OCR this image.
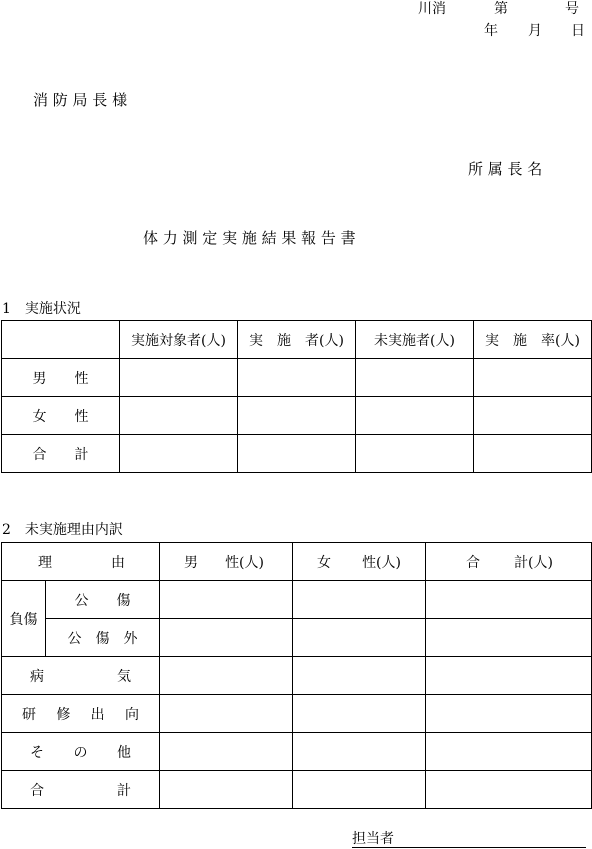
川消	第	号
年 月 日
消 防 局 長 様
所 属 長 名
体 力 測 定 実 施 結 果 報 告 書
1　実施状況
	実施対象者(人)	実　施　者(人)	未実施者(人)	実　施　率(人)
男　　性				
女　　性				
合　　計				
2　未実施理由内訳
理 由		男 性(人)	女 性(人)	合 計(人)

負傷	公　　傷			
	公　傷　外			

病 気				

研 修 出 向				

そ の 他				

合 計				

担当者
